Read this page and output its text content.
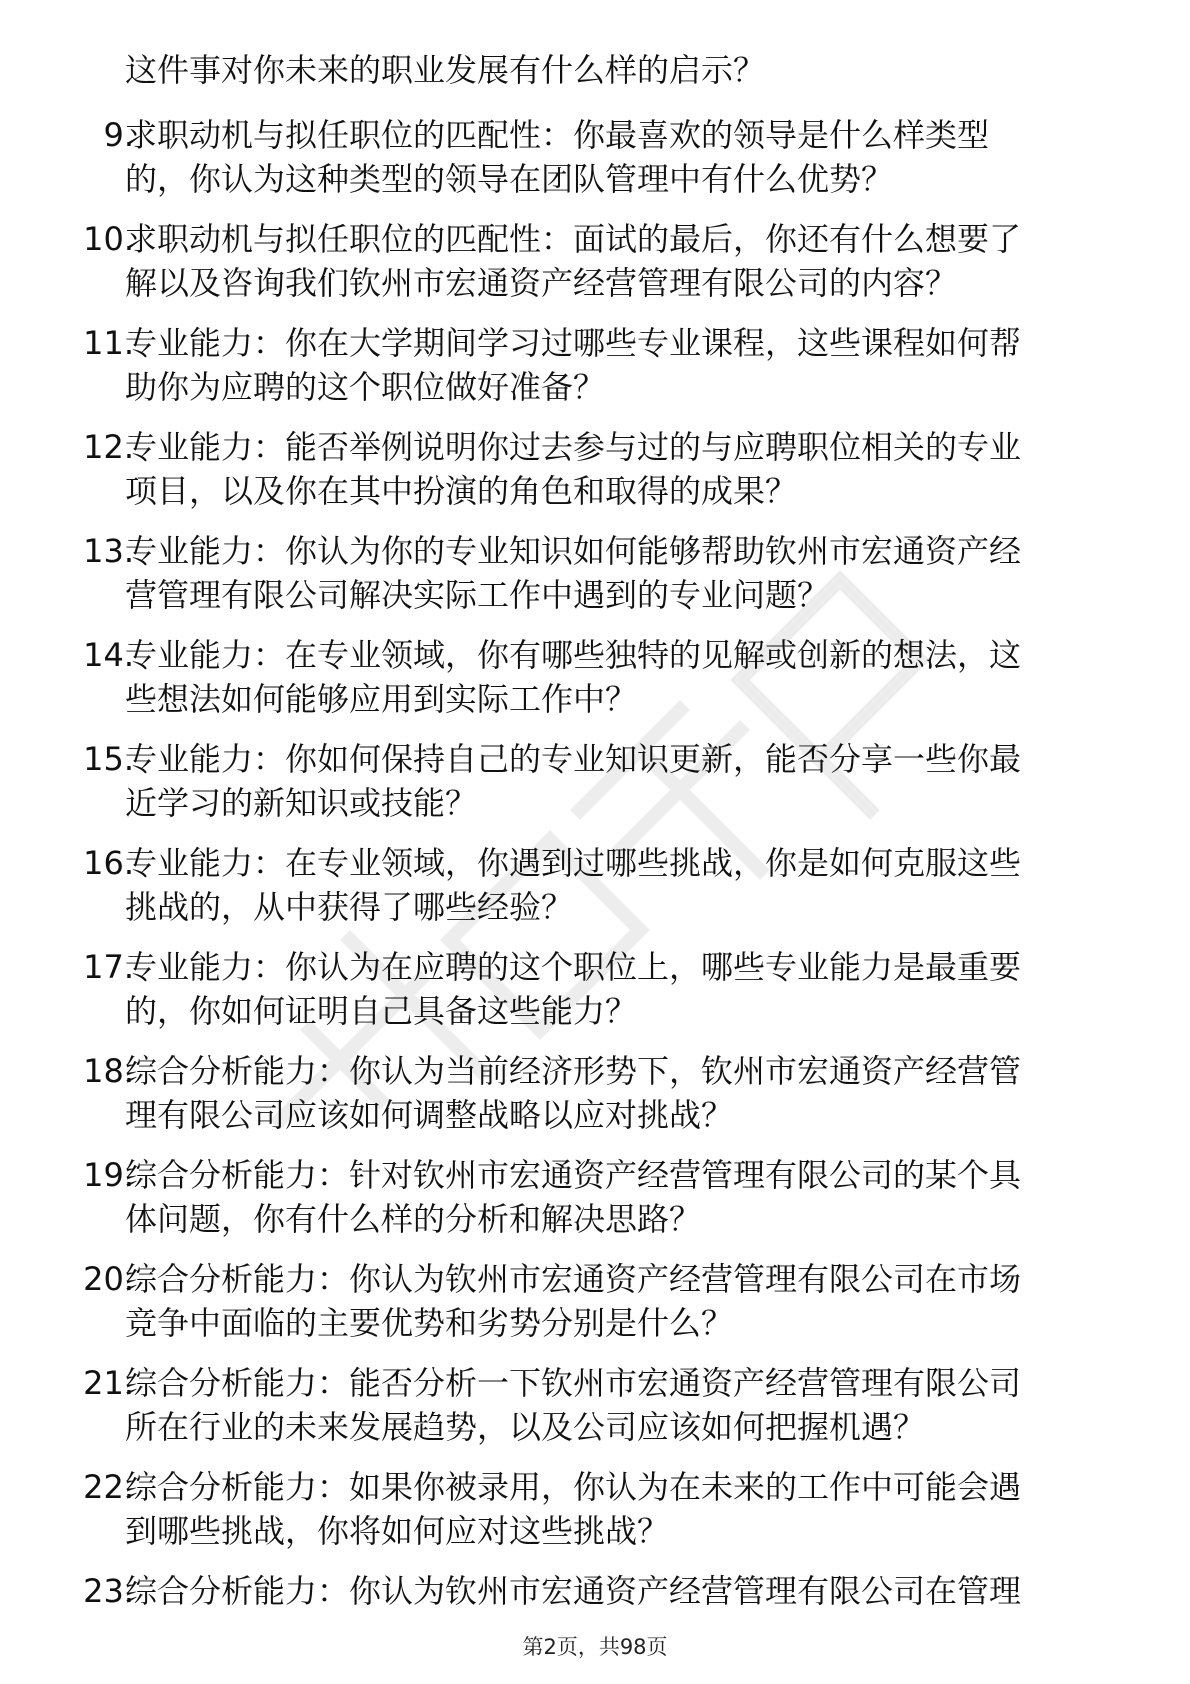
这件事对你未来的职业发展有什么样的启示？
9.
求职动机与拟任职位的匹配性：你最喜欢的领导是什么样类型
的，你认为这种类型的领导在团队管理中有什么优势？
10.
求职动机与拟任职位的匹配性：面试的最后，你还有什么想要了
解以及咨询我们钦州市宏通资产经营管理有限公司的内容？
11.
专业能力：你在大学期间学习过哪些专业课程，这些课程如何帮
助你为应聘的这个职位做好准备？
12.
专业能力：能否举例说明你过去参与过的与应聘职位相关的专业
项目，以及你在其中扮演的角色和取得的成果？
13.
专业能力：你认为你的专业知识如何能够帮助钦州市宏通资产经
营管理有限公司解决实际工作中遇到的专业问题？
14.
专业能力：在专业领域，你有哪些独特的见解或创新的想法，这
些想法如何能够应用到实际工作中？
15.
专业能力：你如何保持自己的专业知识更新，能否分享一些你最
近学习的新知识或技能？
16.
专业能力：在专业领域，你遇到过哪些挑战，你是如何克服这些
挑战的，从中获得了哪些经验？
17.
专业能力：你认为在应聘的这个职位上，哪些专业能力是最重要
的，你如何证明自己具备这些能力？
18.
综合分析能力：你认为当前经济形势下，钦州市宏通资产经营管
理有限公司应该如何调整战略以应对挑战？
19.
综合分析能力：针对钦州市宏通资产经营管理有限公司的某个具
体问题，你有什么样的分析和解决思路？
20.
综合分析能力：你认为钦州市宏通资产经营管理有限公司在市场
竞争中面临的主要优势和劣势分别是什么？
21.
综合分析能力：能否分析一下钦州市宏通资产经营管理有限公司
所在行业的未来发展趋势，以及公司应该如何把握机遇？
22.
综合分析能力：如果你被录用，你认为在未来的工作中可能会遇
到哪些挑战，你将如何应对这些挑战？
23.
综合分析能力：你认为钦州市宏通资产经营管理有限公司在管理
第2页，共98页
